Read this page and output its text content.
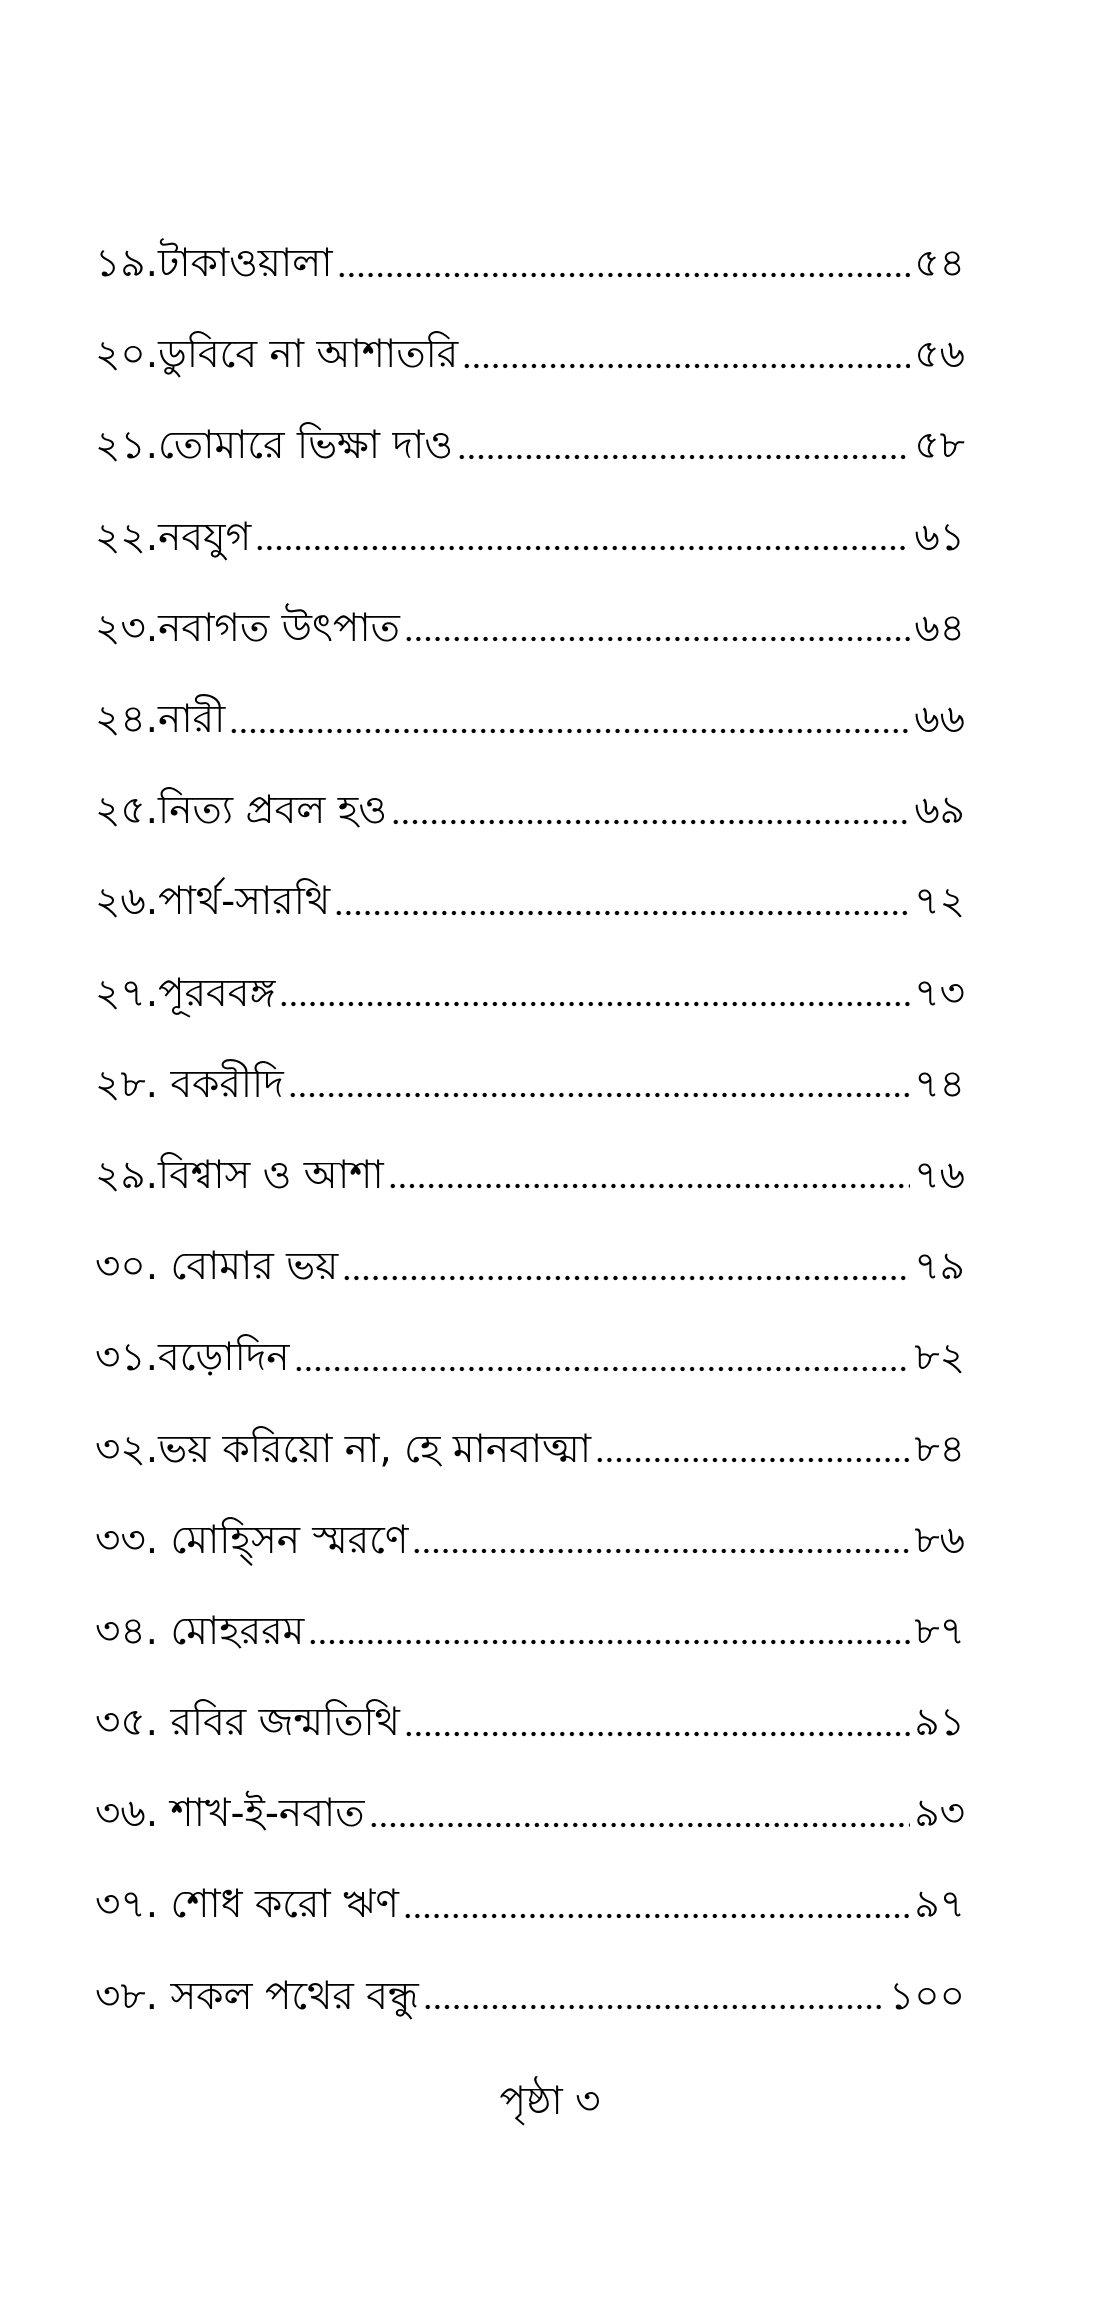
১৯.টাকাওয়ালা	৫৪
২০.ডুবিবে না আশাতরি	৫৬
২১.তোমারে ভিক্ষা দাও	৫৮
২২.নবযুগ	৬১
২৩.নবাগত উৎপাত	৬৪
২৪.নারী	৬৬
২৫.নিত্য প্রবল হও	৬৯
২৬.পার্থ-সারথি	৭২
২৭.পূরববঙ্গ	৭৩
২৮. বকরীদি	৭৪
২৯.বিশ্বাস ও আশা	৭৬
৩০. বোমার ভয়	৭৯
৩১.বড়োদিন	৮২
৩২.ভয় করিয়ো না, হে মানবাত্মা	৮৪
৩৩. মোহ্সিন স্মরণে	৮৬
৩৪. মোহররম	৮৭
৩৫. রবির জন্মতিথি	৯১
৩৬. শাখ-ই-নবাত	৯৩
৩৭. শোধ করো ঋণ	৯৭
৩৮. সকল পথের বন্ধু	১০০
পৃষ্ঠা ৩
